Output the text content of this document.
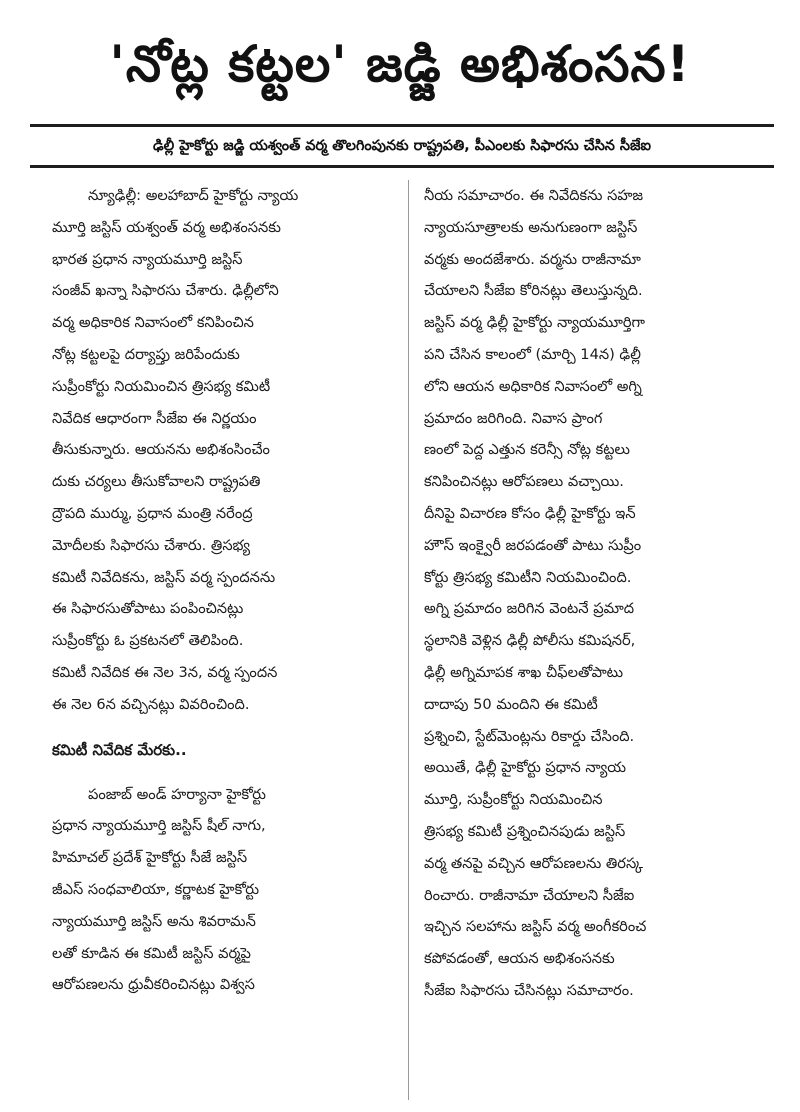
'నోట్ల కట్టల' జడ్జి అభిశంసన!
ఢిల్లీ హైకోర్టు జడ్జి యశ్వంత్ వర్మ తొలగింపునకు రాష్ట్రపతి, పీఎంలకు సిఫారసు చేసిన సీజేఐ
న్యూఢిల్లీ: అలహాబాద్ హైకోర్టు న్యాయ
మూర్తి జస్టిస్ యశ్వంత్ వర్మ అభిశంసనకు
భారత ప్రధాన న్యాయమూర్తి జస్టిస్
సంజీవ్ ఖన్నా సిఫారసు చేశారు. ఢిల్లీలోని
వర్మ అధికారిక నివాసంలో కనిపించిన
నోట్ల కట్టలపై దర్యాప్తు జరిపేందుకు
సుప్రీంకోర్టు నియమించిన త్రిసభ్య కమిటీ
నివేదిక ఆధారంగా సీజేఐ ఈ నిర్ణయం
తీసుకున్నారు. ఆయనను అభిశంసించేం
దుకు చర్యలు తీసుకోవాలని రాష్ట్రపతి
ద్రౌపది ముర్ము, ప్రధాన మంత్రి నరేంద్ర
మోదీలకు సిఫారసు చేశారు. త్రిసభ్య
కమిటీ నివేదికను, జస్టిస్ వర్మ స్పందనను
ఈ సిఫారసుతోపాటు పంపించినట్లు
సుప్రీంకోర్టు ఓ ప్రకటనలో తెలిపింది.
కమిటీ నివేదిక ఈ నెల 3న, వర్మ స్పందన
ఈ నెల 6న వచ్చినట్లు వివరించింది.
కమిటీ నివేదిక మేరకు..
పంజాబ్ అండ్ హర్యానా హైకోర్టు
ప్రధాన న్యాయమూర్తి జస్టిస్ షీల్ నాగు,
హిమాచల్ ప్రదేశ్ హైకోర్టు సీజే జస్టిస్
జీఎస్ సంధవాలియా, కర్ణాటక హైకోర్టు
న్యాయమూర్తి జస్టిస్ అను శివరామన్
లతో కూడిన ఈ కమిటీ జస్టిస్ వర్మపై
ఆరోపణలను ధ్రువీకరించినట్లు విశ్వస
నీయ సమాచారం. ఈ నివేదికను సహజ
న్యాయసూత్రాలకు అనుగుణంగా జస్టిస్
వర్మకు అందజేశారు. వర్మను రాజీనామా
చేయాలని సీజేఐ కోరినట్లు తెలుస్తున్నది.
జస్టిస్ వర్మ ఢిల్లీ హైకోర్టు న్యాయమూర్తిగా
పని చేసిన కాలంలో (మార్చి 14న) ఢిల్లీ
లోని ఆయన అధికారిక నివాసంలో అగ్ని
ప్రమాదం జరిగింది. నివాస ప్రాంగ
ణంలో పెద్ద ఎత్తున కరెన్సీ నోట్ల కట్టలు
కనిపించినట్లు ఆరోపణలు వచ్చాయి.
దీనిపై విచారణ కోసం ఢిల్లీ హైకోర్టు ఇన్
హౌస్ ఇంక్వైరీ జరపడంతో పాటు సుప్రీం
కోర్టు త్రిసభ్య కమిటీని నియమించింది.
అగ్ని ప్రమాదం జరిగిన వెంటనే ప్రమాద
స్థలానికి వెళ్లిన ఢిల్లీ పోలీసు కమిషనర్,
ఢిల్లీ అగ్నిమాపక శాఖ చీఫ్‌లతోపాటు
దాదాపు 50 మందిని ఈ కమిటీ
ప్రశ్నించి, స్టేట్‌మెంట్లను రికార్డు చేసింది.
అయితే, ఢిల్లీ హైకోర్టు ప్రధాన న్యాయ
మూర్తి, సుప్రీంకోర్టు నియమించిన
త్రిసభ్య కమిటీ ప్రశ్నించినపుడు జస్టిస్
వర్మ తనపై వచ్చిన ఆరోపణలను తిరస్క
రించారు. రాజీనామా చేయాలని సీజేఐ
ఇచ్చిన సలహాను జస్టిస్ వర్మ అంగీకరించ
కపోవడంతో, ఆయన అభిశంసనకు
సీజేఐ సిఫారసు చేసినట్లు సమాచారం.
